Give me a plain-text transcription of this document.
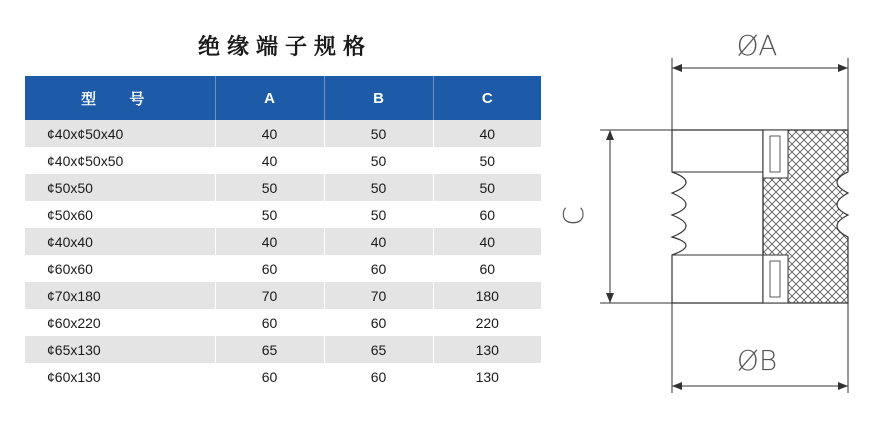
绝缘端子规格
型 号	A	B	C
¢40x¢50x40	40	50	40
¢40x¢50x50	40	50	50
¢50x50	50	50	50
¢50x60	50	50	60
¢40x40	40	40	40
¢60x60	60	60	60
¢70x180	70	70	180
¢60x220	60	60	220
¢65x130	65	65	130
¢60x130	60	60	130
ØA
ØB
C
